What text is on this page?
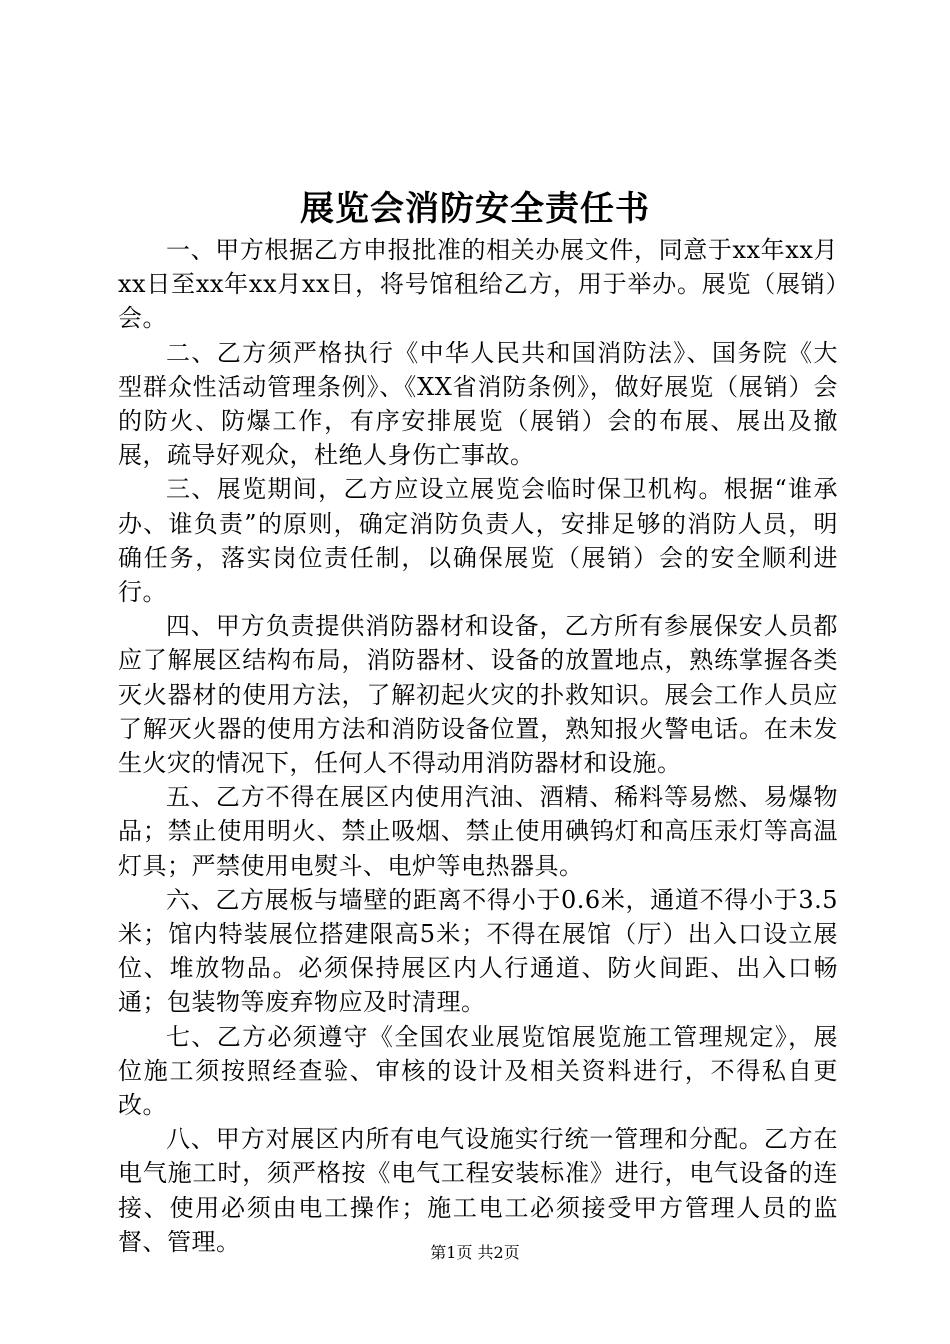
展览会消防安全责任书

一、甲方根据乙方申报批准的相关办展文件，同意于xx年xx月xx日至xx年xx月xx日，将号馆租给乙方，用于举办。展览（展销）会。

二、乙方须严格执行《中华人民共和国消防法》、国务院《大型群众性活动管理条例》、《XX省消防条例》，做好展览（展销）会的防火、防爆工作，有序安排展览（展销）会的布展、展出及撤展，疏导好观众，杜绝人身伤亡事故。

三、展览期间，乙方应设立展览会临时保卫机构。根据“谁承办、谁负责”的原则，确定消防负责人，安排足够的消防人员，明确任务，落实岗位责任制，以确保展览（展销）会的安全顺利进行。

四、甲方负责提供消防器材和设备，乙方所有参展保安人员都应了解展区结构布局，消防器材、设备的放置地点，熟练掌握各类灭火器材的使用方法，了解初起火灾的扑救知识。展会工作人员应了解灭火器的使用方法和消防设备位置，熟知报火警电话。在未发生火灾的情况下，任何人不得动用消防器材和设施。

五、乙方不得在展区内使用汽油、酒精、稀料等易燃、易爆物品；禁止使用明火、禁止吸烟、禁止使用碘钨灯和高压汞灯等高温灯具；严禁使用电熨斗、电炉等电热器具。

六、乙方展板与墙壁的距离不得小于0.6米，通道不得小于3.5米；馆内特装展位搭建限高5米；不得在展馆（厅）出入口设立展位、堆放物品。必须保持展区内人行通道、防火间距、出入口畅通；包装物等废弃物应及时清理。

七、乙方必须遵守《全国农业展览馆展览施工管理规定》，展位施工须按照经查验、审核的设计及相关资料进行，不得私自更改。

八、甲方对展区内所有电气设施实行统一管理和分配。乙方在电气施工时，须严格按《电气工程安装标准》进行，电气设备的连接、使用必须由电工操作；施工电工必须接受甲方管理人员的监督、管理。	第1页 共2页
